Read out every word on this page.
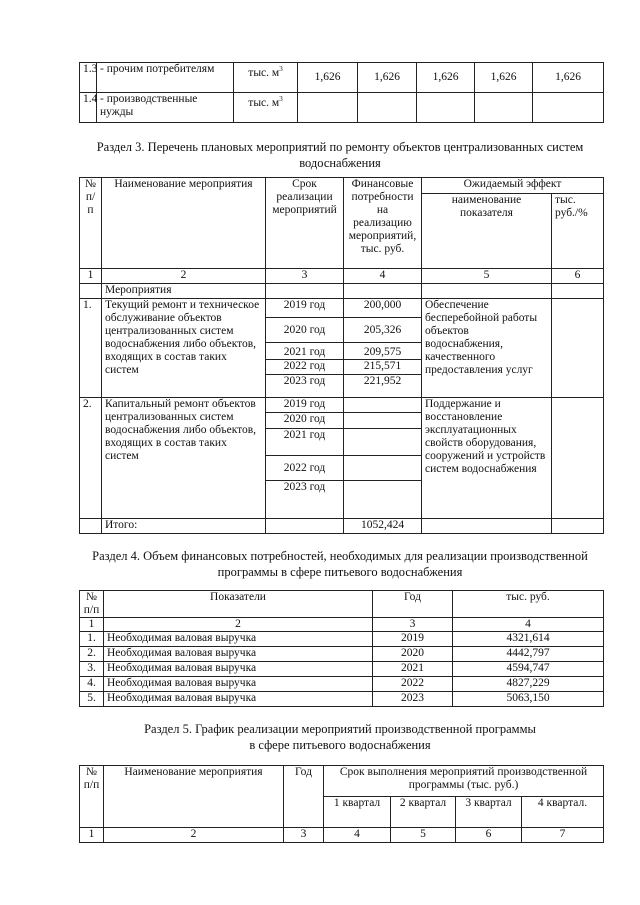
1.3	- прочим потребителям	тыс. $м^3$	1,626	1,626	1,626	1,626	1,626
1.4	- производственные нужды	тыс. $м^3$					
Раздел 3. Перечень плановых мероприятий по ремонту объектов централизованных систем водоснабжения
№ п/п	Наименование мероприятия	Срок реализации мероприятий	Финансовые потребности на реализацию мероприятий, тыс. руб.	Ожидаемый эффект	
				наименование показателя	тыс. руб./%
1	2	3	4	5	6
	Мероприятия				
1.	Текущий ремонт и техническое обслуживание объектов централизованных систем водоснабжения либо объектов, входящих в состав таких систем	2019 год	200,000	Обеспечение бесперебойной работы объектов водоснабжения, качественного предоставления услуг	
		2020 год	205,326		
		2021 год	209,575		
		2022 год	215,571		
		2023 год	221,952		
2.	Капитальный ремонт объектов централизованных систем водоснабжения либо объектов, входящих в состав таких систем	2019 год		Поддержание и восстановление эксплуатационных свойств оборудования, сооружений и устройств систем водоснабжения	
		2020 год			
		2021 год			
		2022 год			
		2023 год			
	Итого:		1052,424		
Раздел 4. Объем финансовых потребностей, необходимых для реализации производственной программы в сфере питьевого водоснабжения
№ п/п	Показатели	Год	тыс. руб.
1	2	3	4
1.	Необходимая валовая выручка	2019	4321,614
2.	Необходимая валовая выручка	2020	4442,797
3.	Необходимая валовая выручка	2021	4594,747
4.	Необходимая валовая выручка	2022	4827,229
5.	Необходимая валовая выручка	2023	5063,150
Раздел 5. График реализации мероприятий производственной программы
в сфере питьевого водоснабжения
№ п/п	Наименование мероприятия	Год	Срок выполнения мероприятий производственной программы (тыс. руб.)			
			1 квартал	2 квартал	3 квартал	4 квартал.
1	2	3	4	5	6	7
